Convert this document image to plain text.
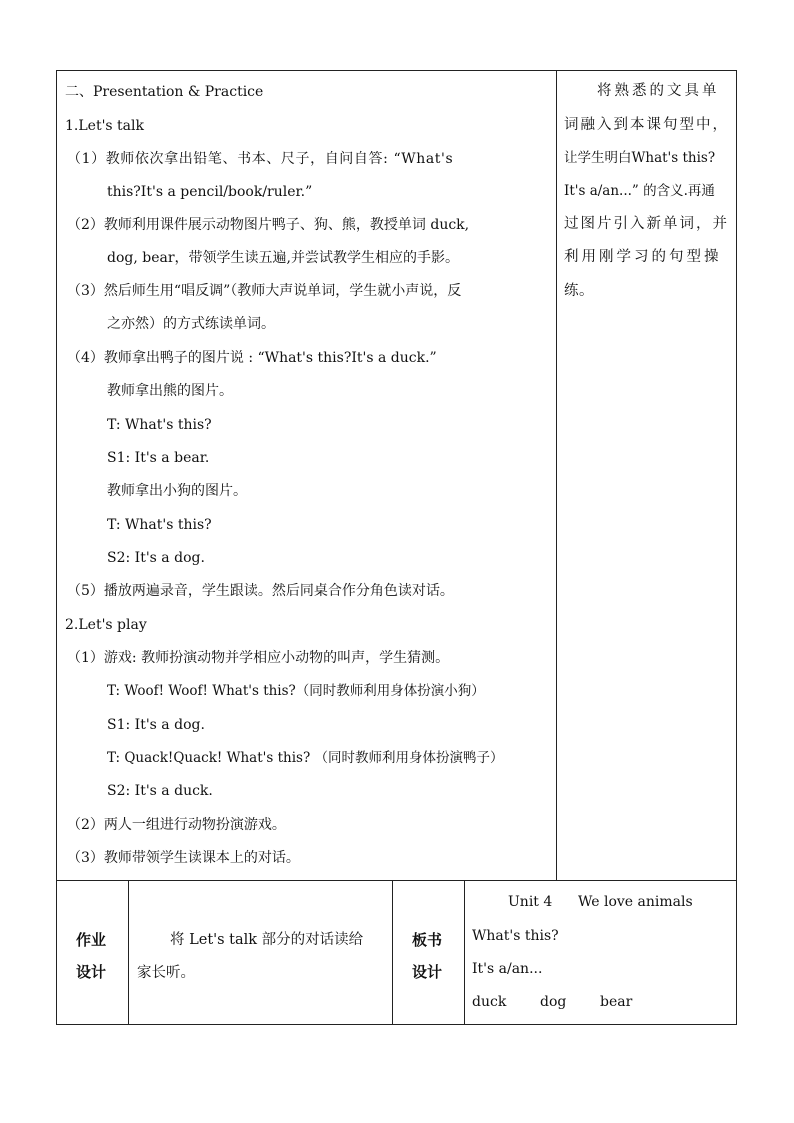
二、Presentation & Practice
1.Let's talk
（1）教师依次拿出铅笔、书本、尺子，自问自答: “What's
this?It's a pencil/book/ruler.”
（2）教师利用课件展示动物图片鸭子、狗、熊，教授单词 duck,
dog, bear，带领学生读五遍,并尝试教学生相应的手影。
（3）然后师生用“唱反调”（教师大声说单词，学生就小声说，反
之亦然）的方式练读单词。
（4）教师拿出鸭子的图片说 : “What's this?It's a duck.”
教师拿出熊的图片。
T: What's this?
S1: It's a bear.
教师拿出小狗的图片。
T: What's this?
S2: It's a dog.
（5）播放两遍录音，学生跟读。然后同桌合作分角色读对话。
2.Let's play
（1）游戏: 教师扮演动物并学相应小动物的叫声，学生猜测。
T: Woof! Woof! What's this?（同时教师利用身体扮演小狗）
S1: It's a dog.
T: Quack!Quack! What's this? （同时教师利用身体扮演鸭子）
S2: It's a duck.
（2）两人一组进行动物扮演游戏。
（3）教师带领学生读课本上的对话。
将熟悉的文具单
词融入到本课句型中，
让学生明白What's this?
It's a/an...” 的含义.再通
过图片引入新单词，并
利用刚学习的句型操
练。
作业
设计
将 Let's talk 部分的对话读给
家长听。
板书
设计
Unit 4 We love animals
What's this?
It's a/an...
duck dog bear
